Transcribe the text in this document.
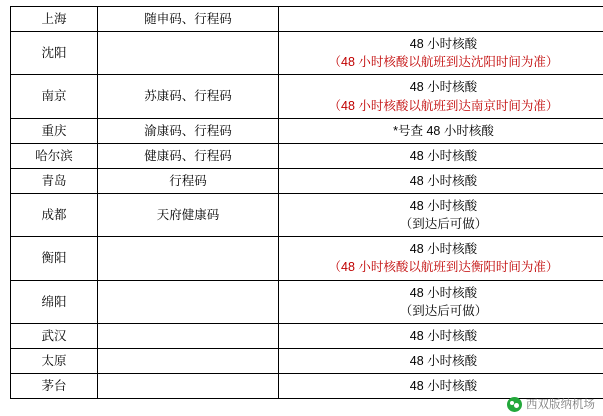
上海	随申码、行程码	
沈阳		48 小时核酸
（48 小时核酸以航班到达沈阳时间为准）

南京	苏康码、行程码	48 小时核酸
（48 小时核酸以航班到达南京时间为准）

重庆	渝康码、行程码	*号查 48 小时核酸

哈尔滨	健康码、行程码	48 小时核酸

青岛	行程码	48 小时核酸

成都	天府健康码	48 小时核酸
（到达后可做）

衡阳		48 小时核酸
（48 小时核酸以航班到达衡阳时间为准）

绵阳		48 小时核酸
（到达后可做）

武汉		48 小时核酸

太原		48 小时核酸

茅台		48 小时核酸
西双版纳机场
